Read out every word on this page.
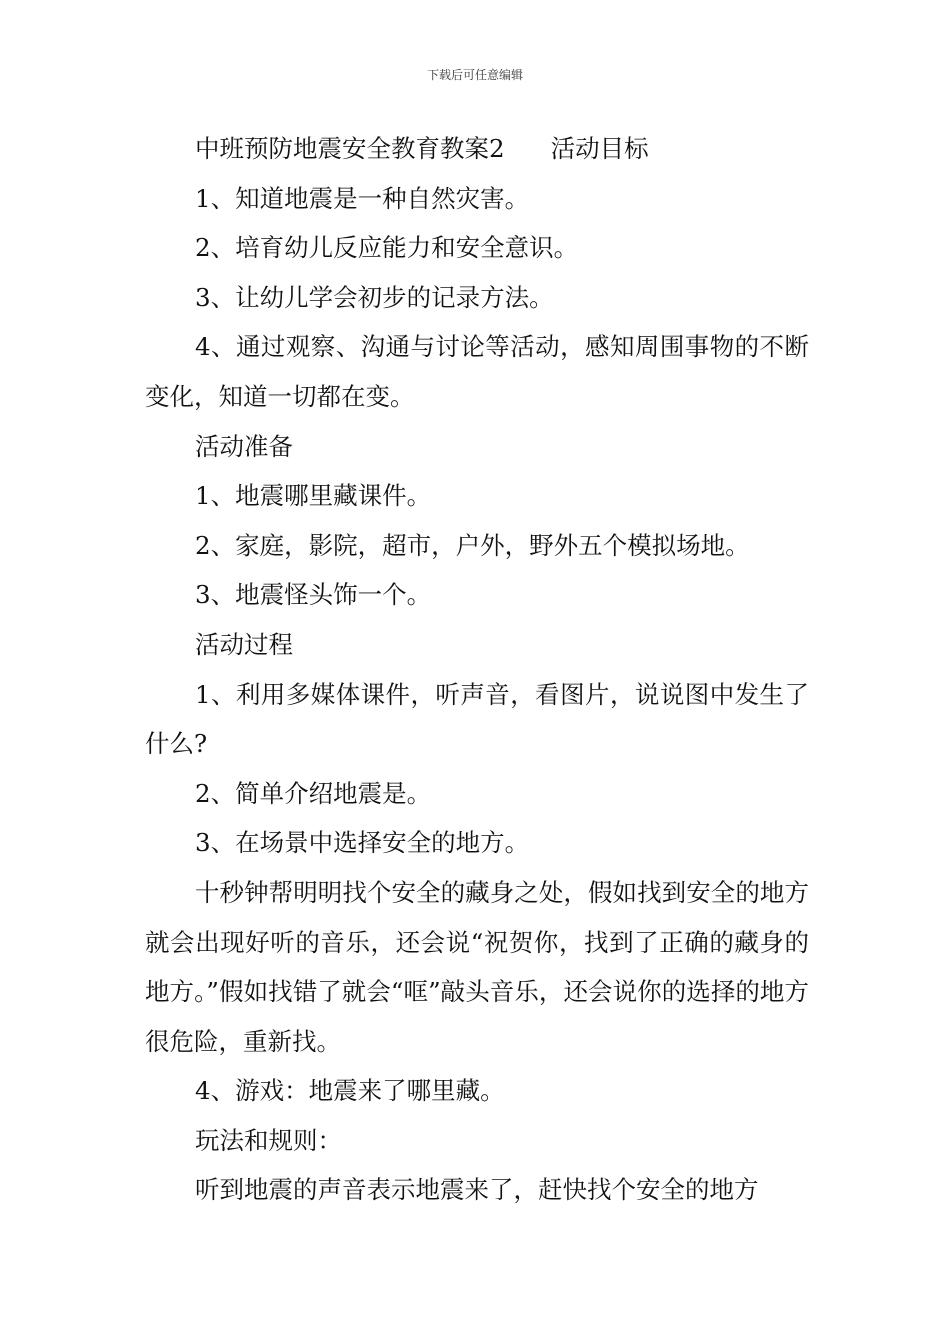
下载后可任意编辑

中班预防地震安全教育教案2 活动目标

1、知道地震是一种自然灾害。

2、培育幼儿反应能力和安全意识。

3、让幼儿学会初步的记录方法。

4、通过观察、沟通与讨论等活动，感知周围事物的不断变化，知道一切都在变。

活动准备

1、地震哪里藏课件。

2、家庭，影院，超市，户外，野外五个模拟场地。

3、地震怪头饰一个。

活动过程

1、利用多媒体课件，听声音，看图片，说说图中发生了什么?

2、简单介绍地震是。

3、在场景中选择安全的地方。

十秒钟帮明明找个安全的藏身之处，假如找到安全的地方就会出现好听的音乐，还会说“祝贺你，找到了正确的藏身的地方。”假如找错了就会“哐”敲头音乐，还会说你的选择的地方很危险，重新找。

4、游戏：地震来了哪里藏。

玩法和规则：

听到地震的声音表示地震来了，赶快找个安全的地方
